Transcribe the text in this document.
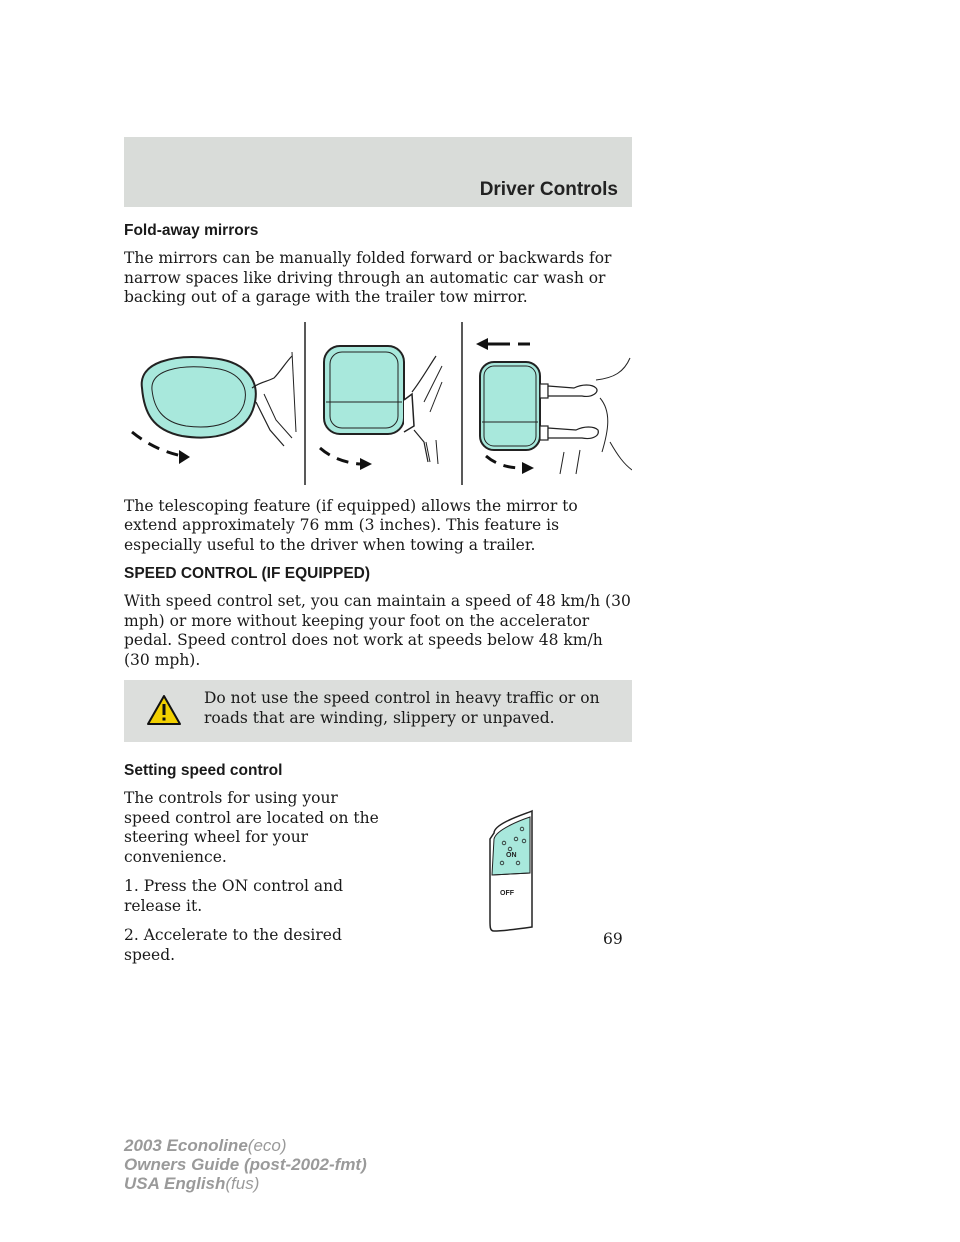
Driver Controls
Fold-away mirrors

The mirrors can be manually folded forward or backwards for narrow spaces like driving through an automatic car wash or backing out of a garage with the trailer tow mirror.

The telescoping feature (if equipped) allows the mirror to extend approximately 76 mm (3 inches). This feature is especially useful to the driver when towing a trailer.

SPEED CONTROL (IF EQUIPPED)

With speed control set, you can maintain a speed of 48 km/h (30 mph) or more without keeping your foot on the accelerator pedal. Speed control does not work at speeds below 48 km/h (30 mph).

Do not use the speed control in heavy traffic or on roads that are winding, slippery or unpaved.

Setting speed control

The controls for using your speed control are located on the steering wheel for your convenience.

1. Press the ON control and release it.

2. Accelerate to the desired speed.

ON
OFF
69
2003 Econoline(eco)
Owners Guide (post-2002-fmt)
USA English(fus)
